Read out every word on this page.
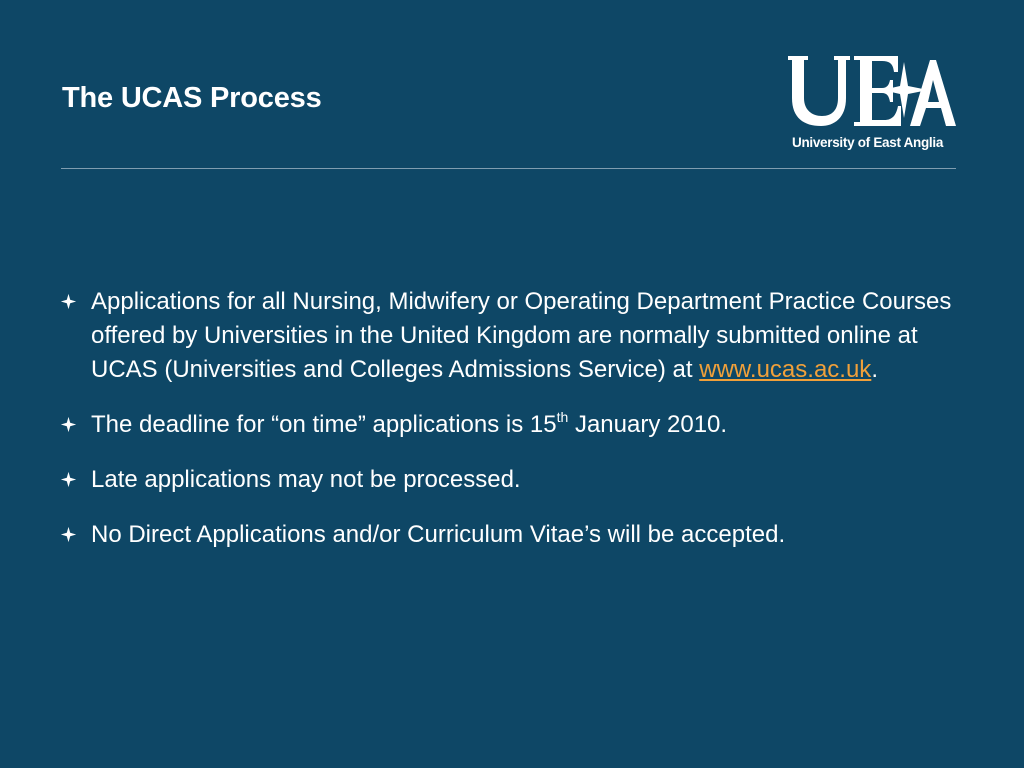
The UCAS Process
University of East Anglia
Applications for all Nursing, Midwifery or Operating Department Practice Courses offered by Universities in the United Kingdom are normally submitted online at UCAS (Universities and Colleges Admissions Service) at www.ucas.ac.uk.
The deadline for “on time” applications is 15th January 2010.
Late applications may not be processed.
No Direct Applications and/or Curriculum Vitae’s will be accepted.
